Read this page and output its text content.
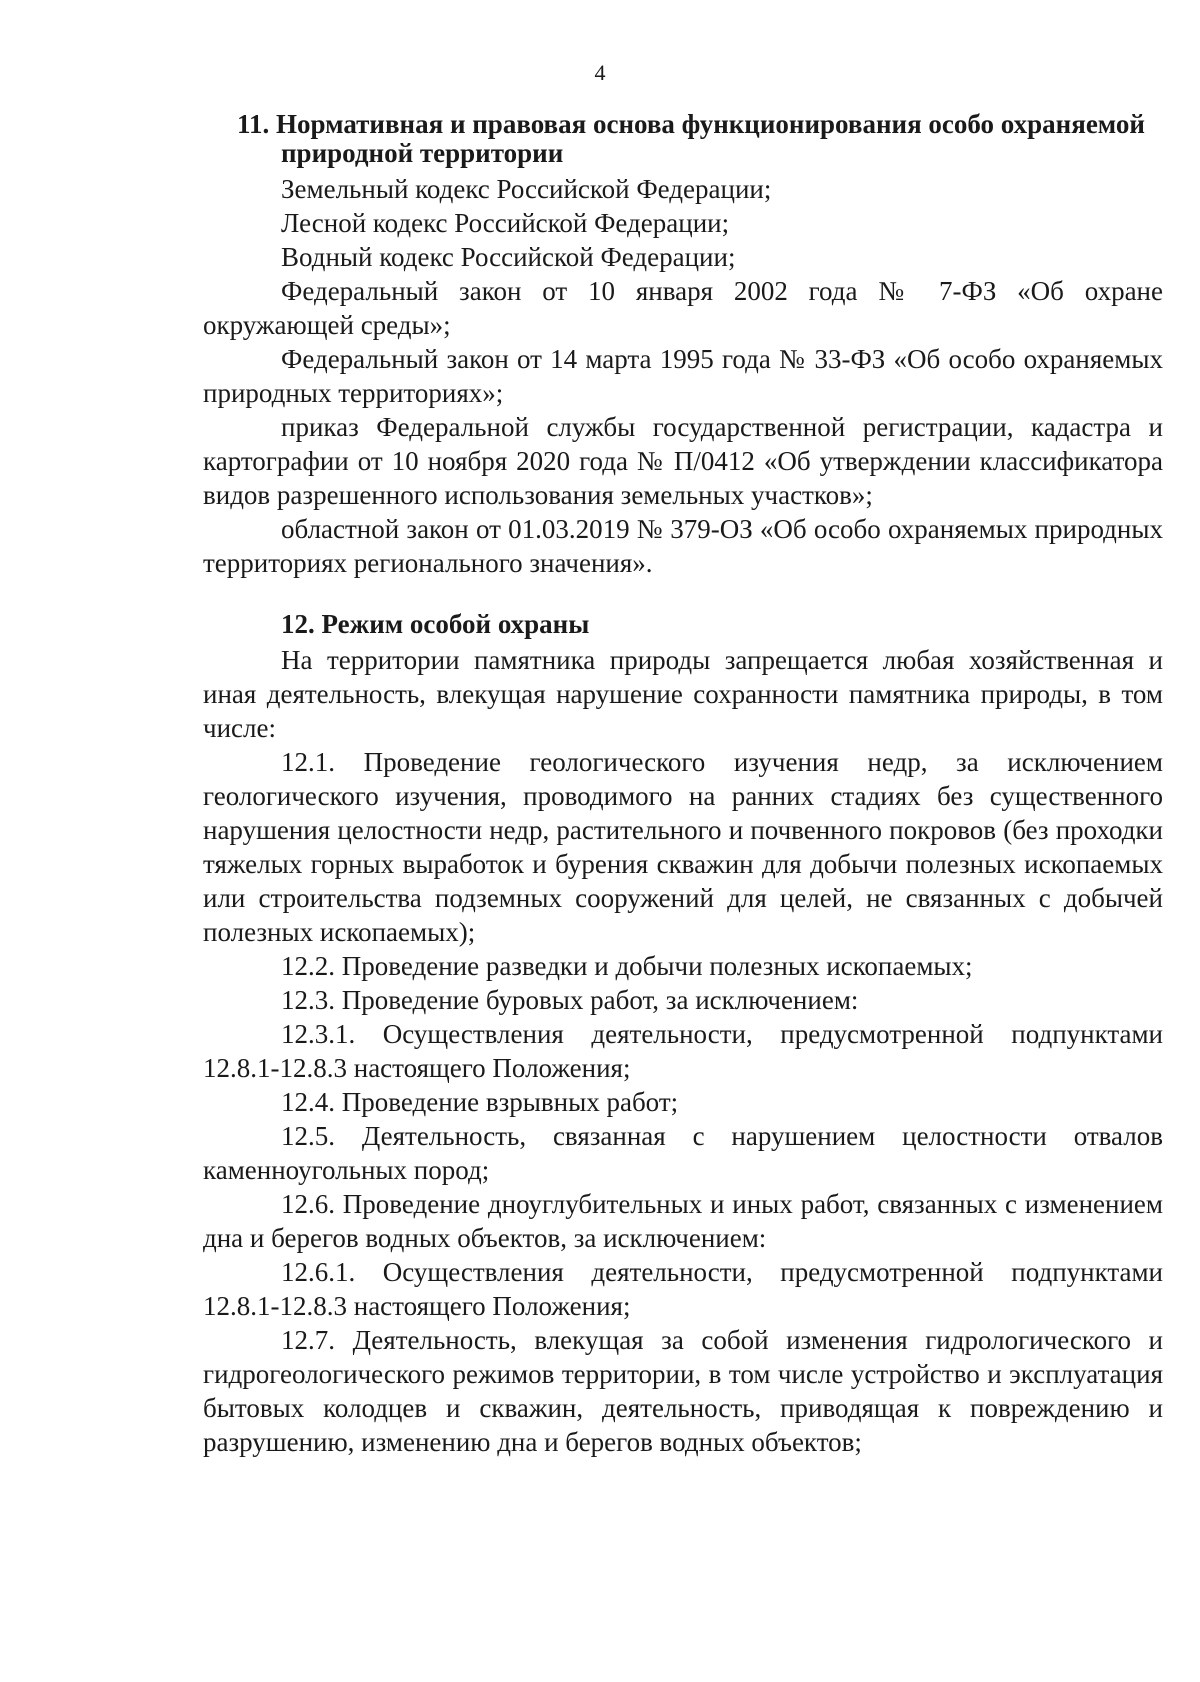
4
11. Нормативная и правовая основа функционирования особо охраняемой природной территории

Земельный кодекс Российской Федерации;

Лесной кодекс Российской Федерации;

Водный кодекс Российской Федерации;

Федеральный закон от 10 января 2002 года № 7-ФЗ «Об охране окружающей среды»;

Федеральный закон от 14 марта 1995 года № 33-ФЗ «Об особо охраняемых природных территориях»;

приказ Федеральной службы государственной регистрации, кадастра и картографии от 10 ноября 2020 года № П/0412 «Об утверждении классификатора видов разрешенного использования земельных участков»;

областной закон от 01.03.2019 № 379-ОЗ «Об особо охраняемых природных территориях регионального значения».

12. Режим особой охраны

На территории памятника природы запрещается любая хозяйственная и иная деятельность, влекущая нарушение сохранности памятника природы, в том числе:

12.1. Проведение геологического изучения недр, за исключением геологического изучения, проводимого на ранних стадиях без существенного нарушения целостности недр, растительного и почвенного покровов (без проходки тяжелых горных выработок и бурения скважин для добычи полезных ископаемых или строительства подземных сооружений для целей, не связанных с добычей полезных ископаемых);

12.2. Проведение разведки и добычи полезных ископаемых;

12.3. Проведение буровых работ, за исключением:

12.3.1. Осуществления деятельности, предусмотренной подпунктами 12.8.1-12.8.3 настоящего Положения;

12.4. Проведение взрывных работ;

12.5. Деятельность, связанная с нарушением целостности отвалов каменноугольных пород;

12.6. Проведение дноуглубительных и иных работ, связанных с изменением дна и берегов водных объектов, за исключением:

12.6.1. Осуществления деятельности, предусмотренной подпунктами 12.8.1-12.8.3 настоящего Положения;

12.7. Деятельность, влекущая за собой изменения гидрологического и гидрогеологического режимов территории, в том числе устройство и эксплуатация бытовых колодцев и скважин, деятельность, приводящая к повреждению и разрушению, изменению дна и берегов водных объектов;
